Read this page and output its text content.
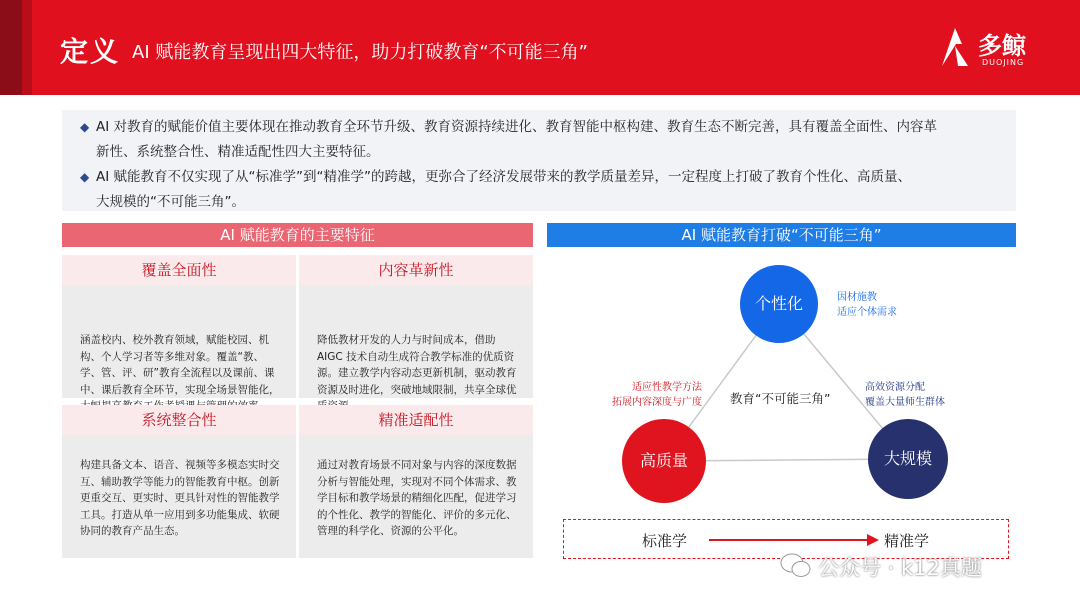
定义 AI 赋能教育呈现出四大特征，助力打破教育“不可能三角”	多鲸
DUOJING
◆ AI 对教育的赋能价值主要体现在推动教育全环节升级、教育资源持续进化、教育智能中枢构建、教育生态不断完善，具有覆盖全面性、内容革
新性、系统整合性、精准适配性四大主要特征。
◆ AI 赋能教育不仅实现了从“标准学”到“精准学”的跨越，更弥合了经济发展带来的教学质量差异，一定程度上打破了教育个性化、高质量、
大规模的“不可能三角”。
AI 赋能教育的主要特征
覆盖全面性
涵盖校内、校外教育领域，赋能校园、机
构、个人学习者等多维对象。覆盖“教、
学、管、评、研”教育全流程以及课前、课
中、课后教育全环节，实现全场景智能化，
内容革新性
降低教材开发的人力与时间成本，借助
AIGC 技术自动生成符合教学标准的优质资
源。建立教学内容动态更新机制，驱动教育
资源及时进化，突破地域限制，共享全球优
系统整合性
构建具备文本、语音、视频等多模态实时交
互、辅助教学等能力的智能教育中枢。创新
更重交互、更实时、更具针对性的智能教学
工具。打造从单一应用到多功能集成、软硬
协同的教育产品生态。
精准适配性
通过对教育场景不同对象与内容的深度数据
分析与智能处理，实现对不同个体需求、教
学目标和教学场景的精细化匹配，促进学习
的个性化、教学的智能化、评价的多元化、
管理的科学化、资源的公平化。
AI 赋能教育打破“不可能三角”
个性化
高质量	大规模
因材施教
适应个体需求
适应性教学方法
拓展内容深度与广度
高效资源分配
覆盖大量师生群体
教育“不可能三角”
标准学	精准学
公众号 · k12真题
